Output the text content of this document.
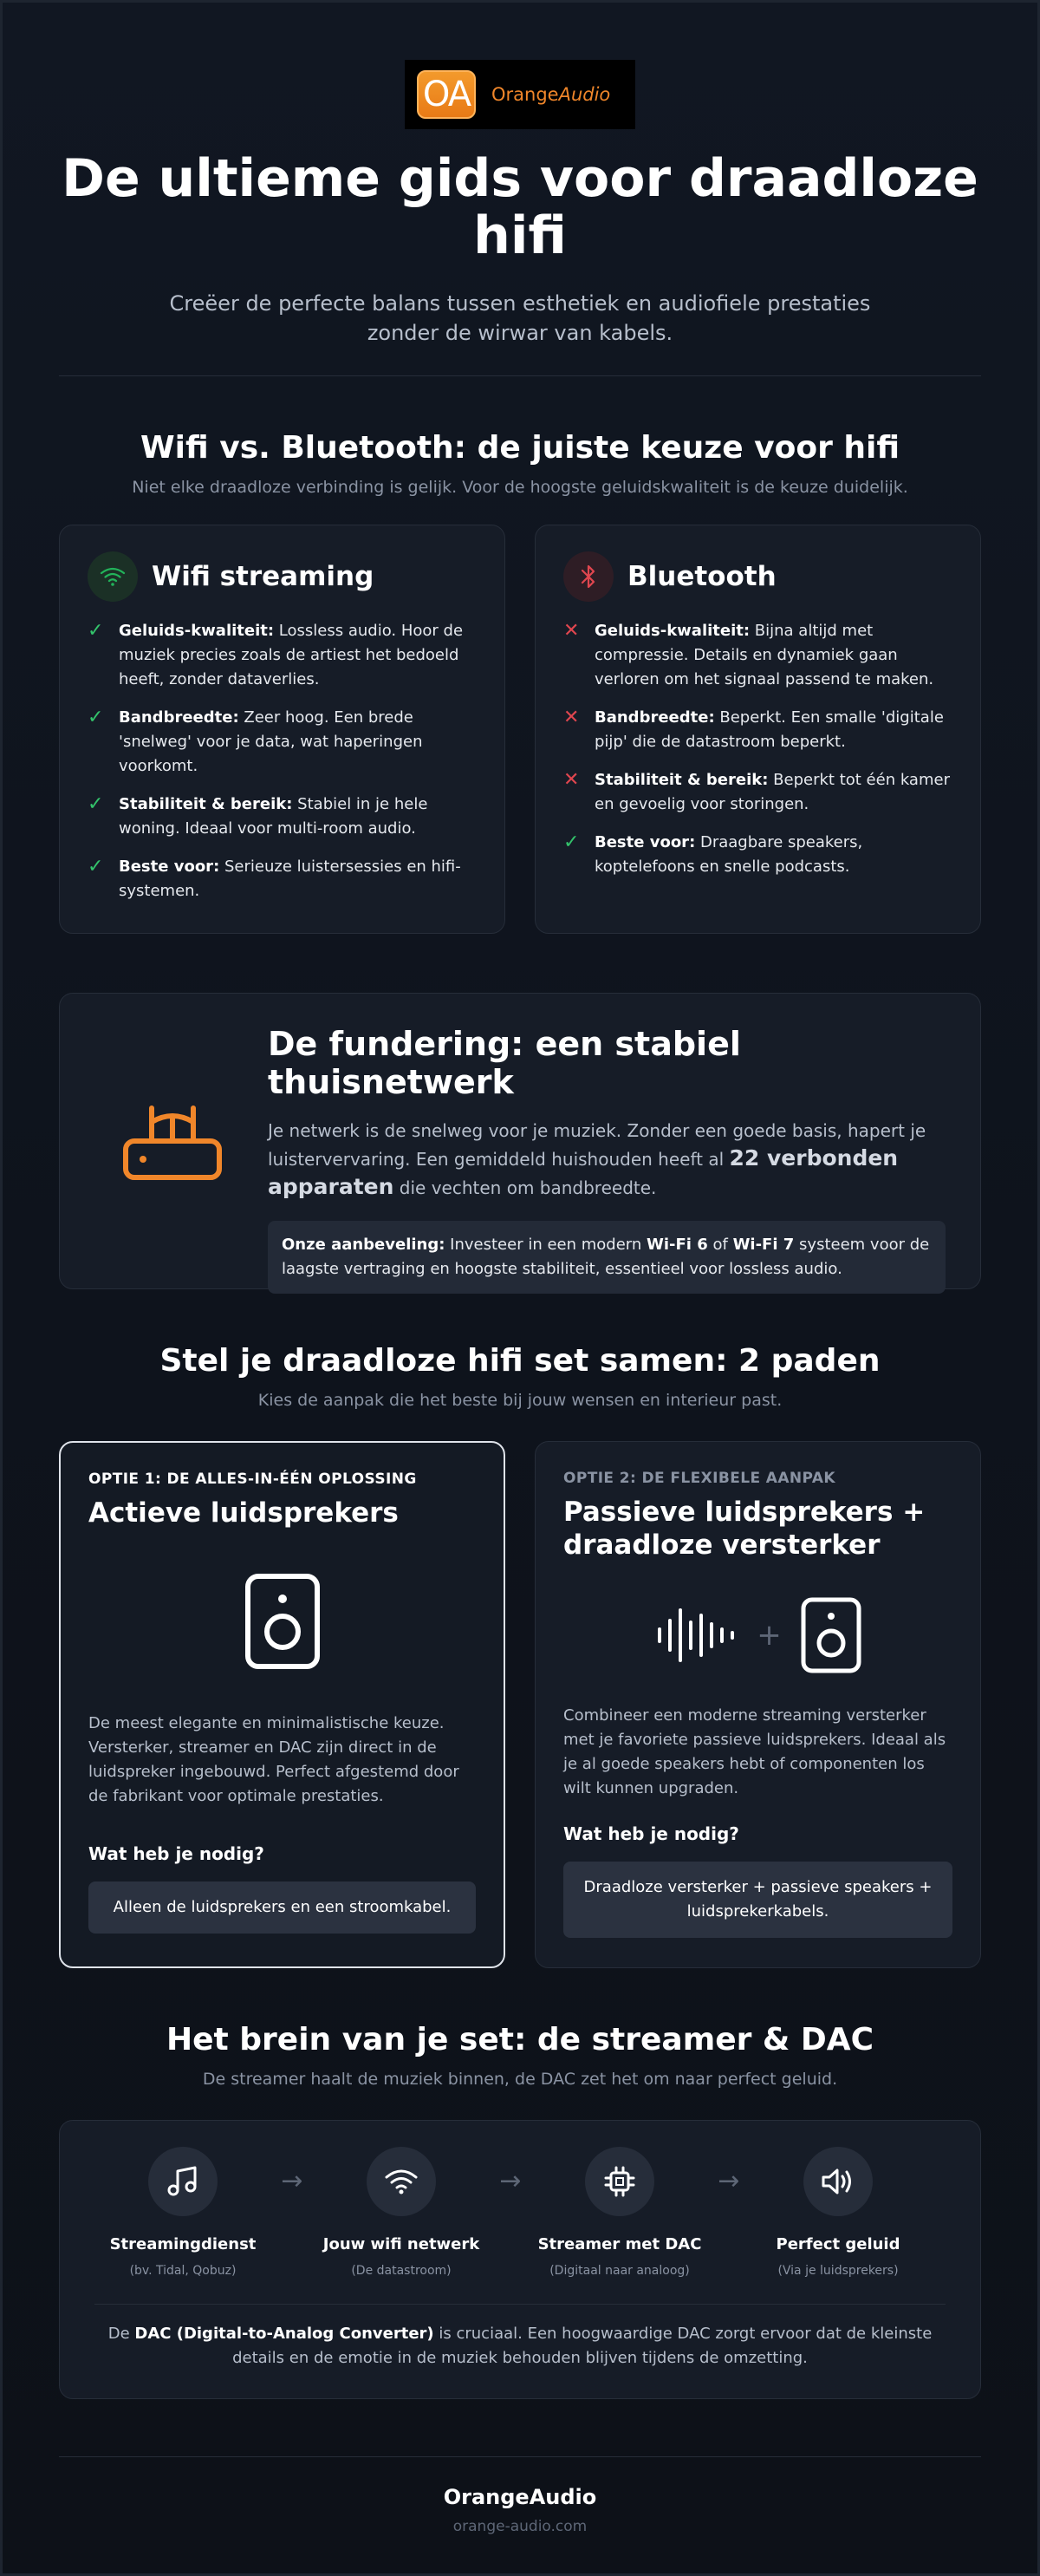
OA OrangeAudio
De ultieme gids voor draadloze hifi

Creëer de perfecte balans tussen esthetiek en audiofiele prestaties zonder de wirwar van kabels.

Wifi vs. Bluetooth: de juiste keuze voor hifi

Niet elke draadloze verbinding is gelijk. Voor de hoogste geluidskwaliteit is de keuze duidelijk.

Wifi streaming
✓ Geluids-kwaliteit: Lossless audio. Hoor de muziek precies zoals de artiest het bedoeld heeft, zonder dataverlies.
✓ Bandbreedte: Zeer hoog. Een brede 'snelweg' voor je data, wat haperingen voorkomt.
✓ Stabiliteit & bereik: Stabiel in je hele woning. Ideaal voor multi-room audio.
✓ Beste voor: Serieuze luistersessies en hifi-systemen.
Bluetooth
✕ Geluids-kwaliteit: Bijna altijd met compressie. Details en dynamiek gaan verloren om het signaal passend te maken.
✕ Bandbreedte: Beperkt. Een smalle 'digitale pijp' die de datastroom beperkt.
✕ Stabiliteit & bereik: Beperkt tot één kamer en gevoelig voor storingen.
✓ Beste voor: Draagbare speakers, koptelefoons en snelle podcasts.
De fundering: een stabiel thuisnetwerk

Je netwerk is de snelweg voor je muziek. Zonder een goede basis, hapert je luistervervaring. Een gemiddeld huishouden heeft al 22 verbonden apparaten die vechten om bandbreedte.

Onze aanbeveling: Investeer in een modern Wi-Fi 6 of Wi-Fi 7 systeem voor de laagste vertraging en hoogste stabiliteit, essentieel voor lossless audio.
Stel je draadloze hifi set samen: 2 paden

Kies de aanpak die het beste bij jouw wensen en interieur past.

OPTIE 1: DE ALLES-IN-ÉÉN OPLOSSING
Actieve luidsprekers

De meest elegante en minimalistische keuze. Versterker, streamer en DAC zijn direct in de luidspreker ingebouwd. Perfect afgestemd door de fabrikant voor optimale prestaties.

Wat heb je nodig?
Alleen de luidsprekers en een stroomkabel.
OPTIE 2: DE FLEXIBELE AANPAK
Passieve luidsprekers + draadloze versterker
+

Combineer een moderne streaming versterker met je favoriete passieve luidsprekers. Ideaal als je al goede speakers hebt of componenten los wilt kunnen upgraden.

Wat heb je nodig?
Draadloze versterker + passieve speakers + luidsprekerkabels.
Het brein van je set: de streamer & DAC

De streamer haalt de muziek binnen, de DAC zet het om naar perfect geluid.

Streamingdienst
(bv. Tidal, Qobuz)
→
Jouw wifi netwerk
(De datastroom)
→
Streamer met DAC
(Digitaal naar analoog)
→
Perfect geluid
(Via je luidsprekers)

De DAC (Digital-to-Analog Converter) is cruciaal. Een hoogwaardige DAC zorgt ervoor dat de kleinste details en de emotie in de muziek behouden blijven tijdens de omzetting.

OrangeAudio
orange-audio.com
